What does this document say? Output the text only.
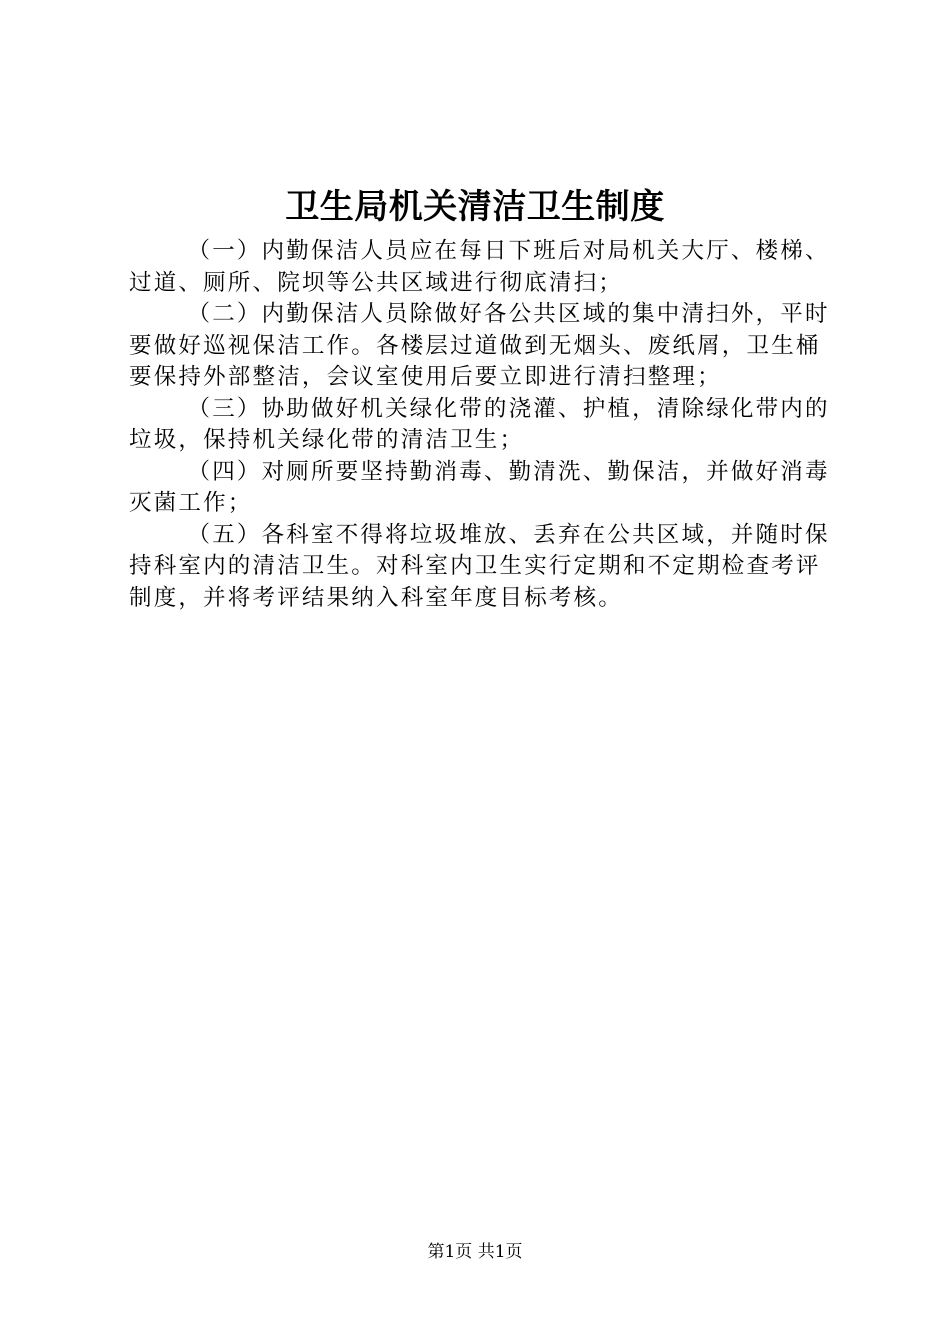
卫生局机关清洁卫生制度

（一）内勤保洁人员应在每日下班后对局机关大厅、楼梯、过道、厕所、院坝等公共区域进行彻底清扫；

（二）内勤保洁人员除做好各公共区域的集中清扫外，平时要做好巡视保洁工作。各楼层过道做到无烟头、废纸屑，卫生桶要保持外部整洁，会议室使用后要立即进行清扫整理；

（三）协助做好机关绿化带的浇灌、护植，清除绿化带内的垃圾，保持机关绿化带的清洁卫生；

（四）对厕所要坚持勤消毒、勤清洗、勤保洁，并做好消毒灭菌工作；

（五）各科室不得将垃圾堆放、丢弃在公共区域，并随时保持科室内的清洁卫生。对科室内卫生实行定期和不定期检查考评制度，并将考评结果纳入科室年度目标考核。

第1页 共1页
